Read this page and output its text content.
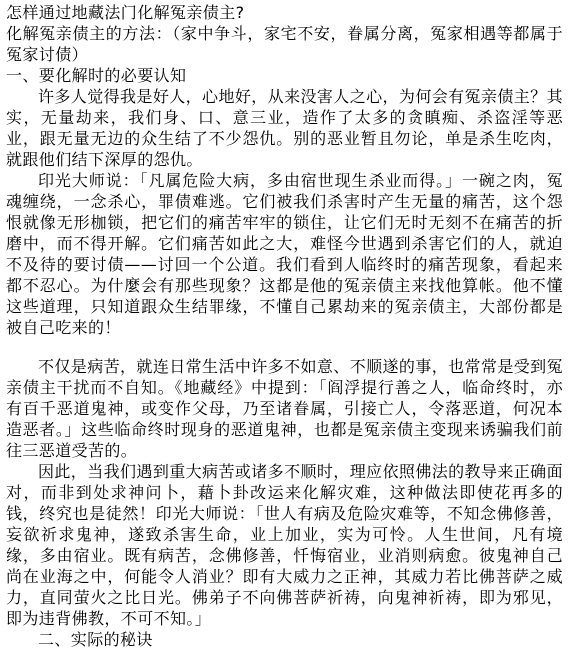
怎样通过地藏法门化解冤亲债主?

化解冤亲债主的方法：（家中争斗，家宅不安，眷属分离，冤家相遇等都属于冤家讨债）

一、要化解时的必要认知

许多人觉得我是好人，心地好，从来没害人之心，为何会有冤亲债主？其实，无量劫来，我们身、口、意三业，造作了太多的贪瞋痴、杀盗淫等恶业，跟无量无边的众生结了不少怨仇。别的恶业暂且勿论，单是杀生吃肉，就跟他们结下深厚的怨仇。

印光大师说：「凡属危险大病，多由宿世现生杀业而得。」一碗之肉，冤魂缠绕，一念杀心，罪债难逃。它们被我们杀害时产生无量的痛苦，这个怨恨就像无形枷锁，把它们的痛苦牢牢的锁住，让它们无时无刻不在痛苦的折磨中，而不得开解。它们痛苦如此之大，难怪今世遇到杀害它们的人，就迫不及待的要讨债——讨回一个公道。我们看到人临终时的痛苦现象，看起来都不忍心。为什麼会有那些现象？这都是他的冤亲债主来找他算帐。他不懂这些道理，只知道跟众生结罪缘，不懂自己累劫来的冤亲债主，大部份都是被自己吃来的！

不仅是病苦，就连日常生活中许多不如意、不顺遂的事，也常常是受到冤亲债主干扰而不自知。《地藏经》中提到：「阎浮提行善之人，临命终时，亦有百千恶道鬼神，或变作父母，乃至诸眷属，引接亡人，令落恶道，何况本造恶者。」这些临命终时现身的恶道鬼神，也都是冤亲债主变现来诱骗我们前往三恶道受苦的。

因此，当我们遇到重大病苦或诸多不顺时，理应依照佛法的教导来正确面对，而非到处求神问卜，藉卜卦改运来化解灾难，这种做法即使花再多的钱，终究也是徒然！印光大师说：「世人有病及危险灾难等，不知念佛修善，妄欲祈求鬼神，遂致杀害生命，业上加业，实为可怜。人生世间，凡有境缘，多由宿业。既有病苦，念佛修善，忏悔宿业，业消则病愈。彼鬼神自己尚在业海之中，何能令人消业？即有大威力之正神，其威力若比佛菩萨之威力，直同萤火之比日光。佛弟子不向佛菩萨祈祷，向鬼神祈祷，即为邪见，即为违背佛教，不可不知。」

二、实际的秘诀
